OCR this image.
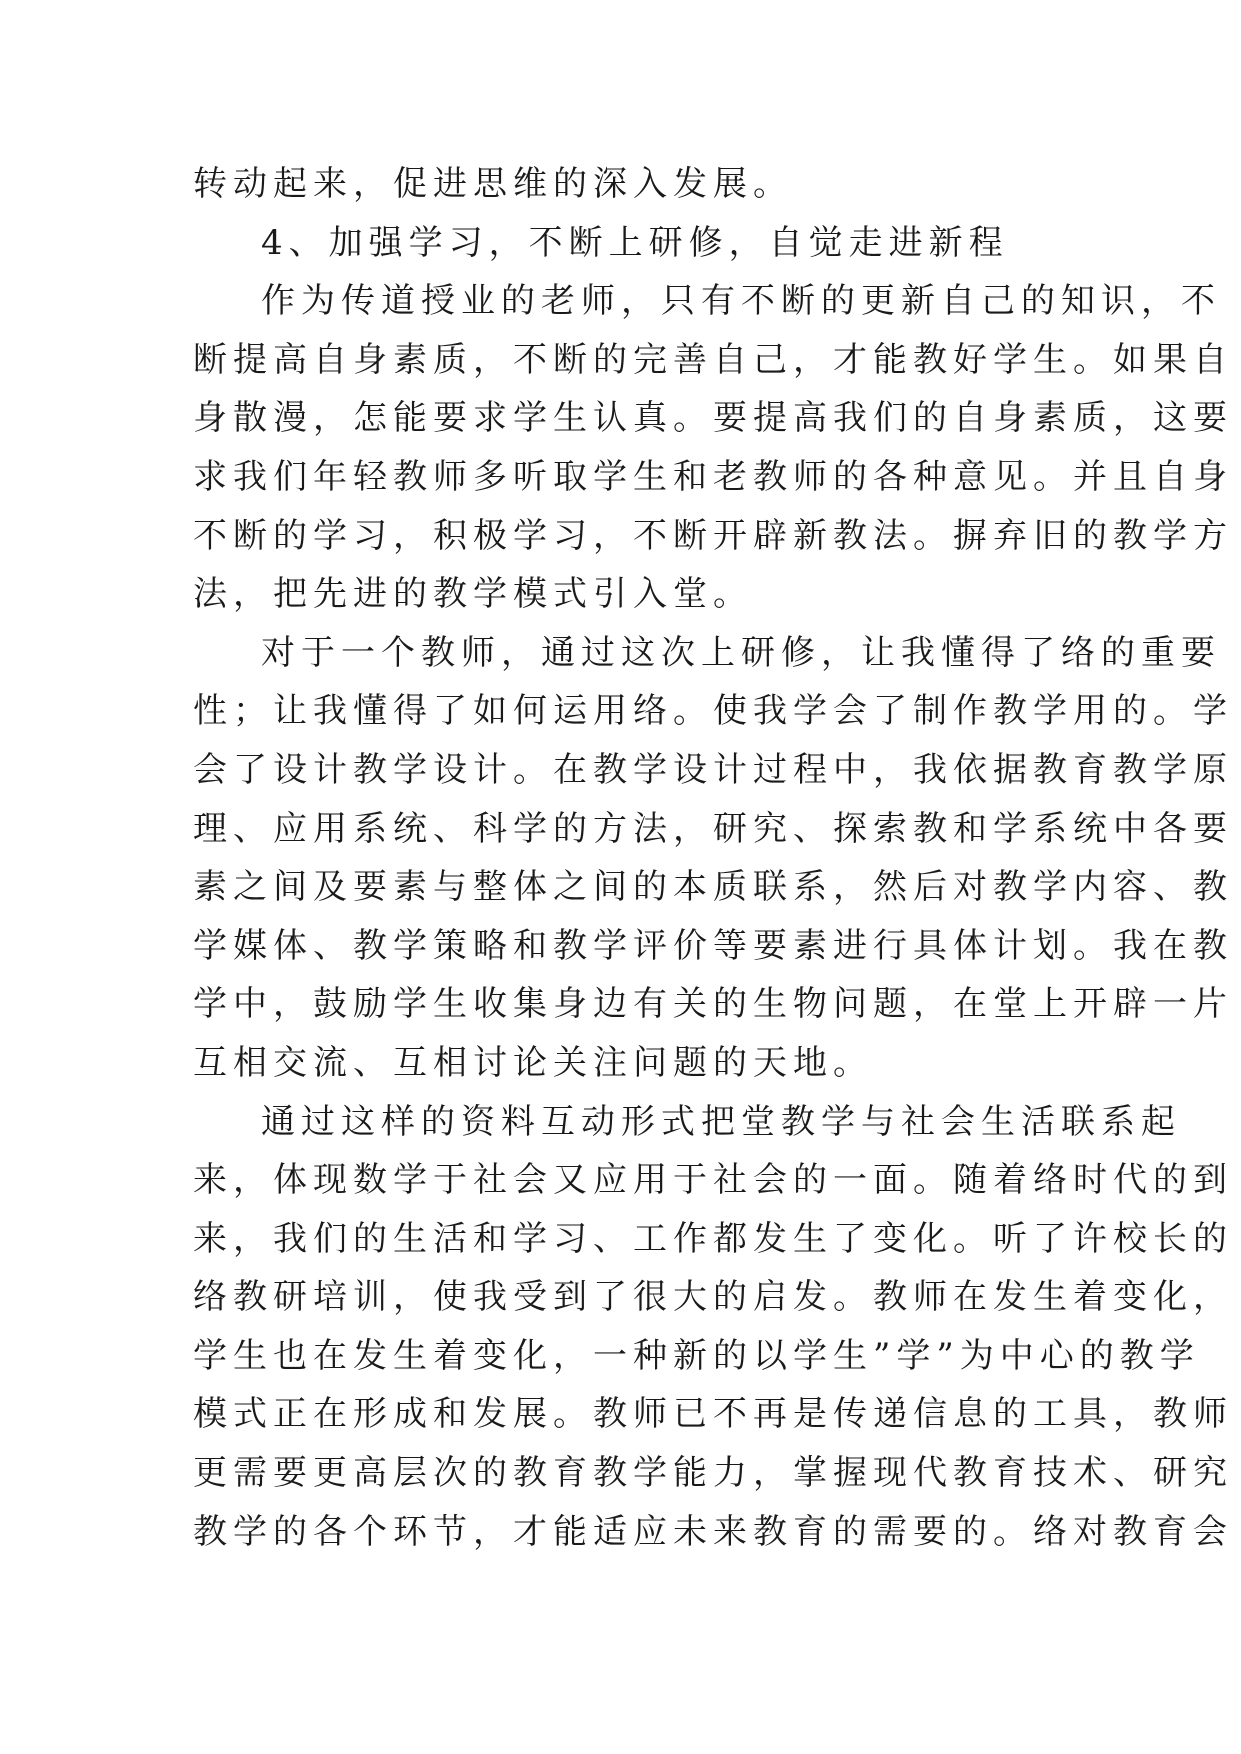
转动起来，促进思维的深入发展。
4、加强学习，不断上研修，自觉走进新程
作为传道授业的老师，只有不断的更新自己的知识，不
断提高自身素质，不断的完善自己，才能教好学生。如果自
身散漫，怎能要求学生认真。要提高我们的自身素质，这要
求我们年轻教师多听取学生和老教师的各种意见。并且自身
不断的学习，积极学习，不断开辟新教法。摒弃旧的教学方
法，把先进的教学模式引入堂。
对于一个教师，通过这次上研修，让我懂得了络的重要
性；让我懂得了如何运用络。使我学会了制作教学用的。学
会了设计教学设计。在教学设计过程中，我依据教育教学原
理、应用系统、科学的方法，研究、探索教和学系统中各要
素之间及要素与整体之间的本质联系，然后对教学内容、教
学媒体、教学策略和教学评价等要素进行具体计划。我在教
学中，鼓励学生收集身边有关的生物问题，在堂上开辟一片
互相交流、互相讨论关注问题的天地。
通过这样的资料互动形式把堂教学与社会生活联系起
来，体现数学于社会又应用于社会的一面。随着络时代的到
来，我们的生活和学习、工作都发生了变化。听了许校长的
络教研培训，使我受到了很大的启发。教师在发生着变化，
学生也在发生着变化，一种新的以学生”学”为中心的教学
模式正在形成和发展。教师已不再是传递信息的工具，教师
更需要更高层次的教育教学能力，掌握现代教育技术、研究
教学的各个环节，才能适应未来教育的需要的。络对教育会
